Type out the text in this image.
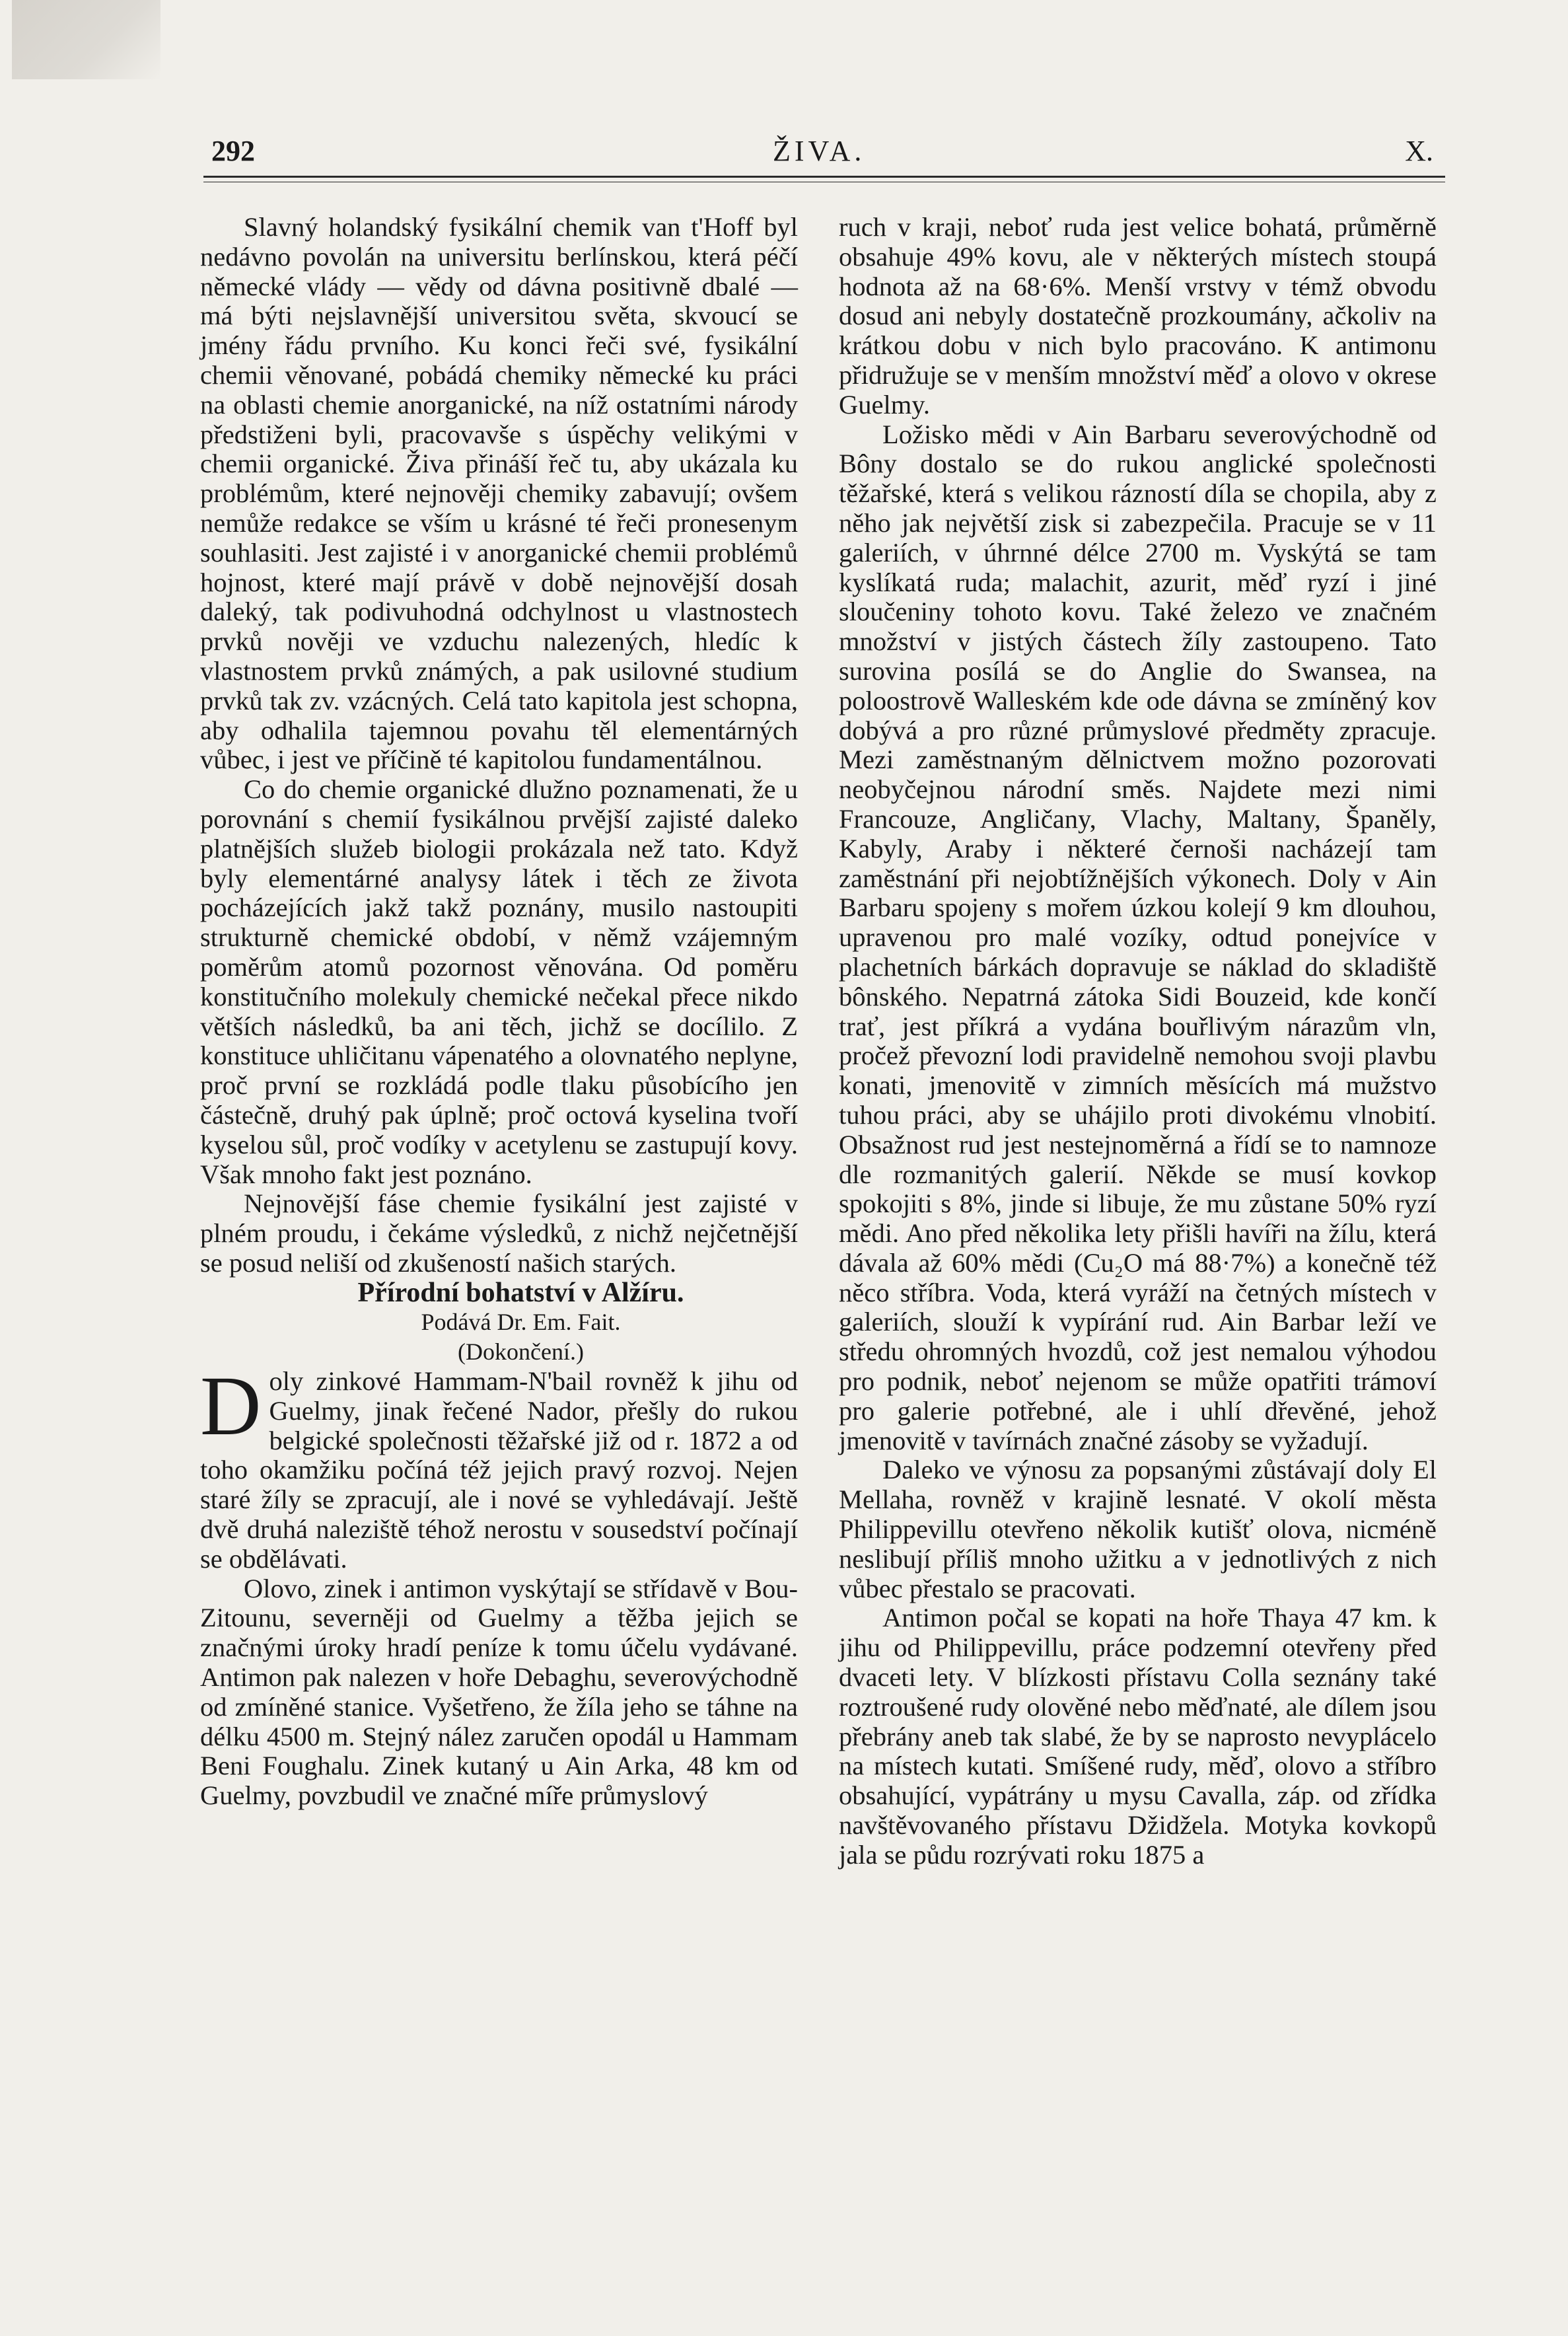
292	ŽIVA.	X.

Slavný holandský fysikální chemik van t'Hoff byl nedávno povolán na universitu berlínskou, která péčí německé vlády — vědy od dávna positivně dbalé — má býti nejslavnější universitou světa, skvoucí se jmény řádu prvního. Ku konci řeči své, fysikální chemii věnované, pobádá chemiky německé ku práci na oblasti chemie anorganické, na níž ostatními národy předstiženi byli, pracovavše s úspěchy velikými v chemii organické. Živa přináší řeč tu, aby ukázala ku problémům, které nejnověji chemiky zabavují; ovšem nemůže redakce se vším u krásné té řeči pronesenym souhlasiti. Jest zajisté i v anorganické chemii problémů hojnost, které mají právě v době nejnovější dosah daleký, tak podivuhodná odchylnost u vlastnostech prvků nověji ve vzduchu nalezených, hledíc k vlastnostem prvků známých, a pak usilovné studium prvků tak zv. vzácných. Celá tato kapitola jest schopna, aby odhalila tajemnou povahu těl elementárných vůbec, i jest ve příčině té kapitolou fundamentálnou.

Co do chemie organické dlužno poznamenati, že u porovnání s chemií fysikálnou prvější zajisté daleko platnějších služeb biologii prokázala než tato. Když byly elementárné analysy látek i těch ze života pocházejících jakž takž poznány, musilo nastoupiti strukturně chemické období, v němž vzájemným poměrům atomů pozornost věnována. Od poměru konstitučního molekuly chemické nečekal přece nikdo větších následků, ba ani těch, jichž se docílilo. Z konstituce uhličitanu vápenatého a olovnatého neplyne, proč první se rozkládá podle tlaku působícího jen částečně, druhý pak úplně; proč octová kyselina tvoří kyselou sůl, proč vodíky v acetylenu se zastupují kovy. Však mnoho fakt jest poznáno.

Nejnovější fáse chemie fysikální jest zajisté v plném proudu, i čekáme výsledků, z nichž nejčetnější se posud neliší od zkušeností našich starých.

Přírodní bohatství v Alžíru.

Podává Dr. Em. Fait.

(Dokončení.)

Doly zinkové Hammam-N'bail rovněž k jihu od Guelmy, jinak řečené Nador, přešly do rukou belgické společnosti těžařské již od r. 1872 a od toho okamžiku počíná též jejich pravý rozvoj. Nejen staré žíly se zpracují, ale i nové se vyhledávají. Ještě dvě druhá naleziště téhož nerostu v sousedství počínají se obdělávati.

Olovo, zinek i antimon vyskýtají se střídavě v Bou-Zitounu, severněji od Guelmy a těžba jejich se značnými úroky hradí peníze k tomu účelu vydávané. Antimon pak nalezen v hoře Debaghu, severovýchodně od zmíněné stanice. Vyšetřeno, že žíla jeho se táhne na délku 4500 m. Stejný nález zaručen opodál u Hammam Beni Foughalu. Zinek kutaný u Ain Arka, 48 km od Guelmy, povzbudil ve značné míře průmyslový

ruch v kraji, neboť ruda jest velice bohatá, průměrně obsahuje 49% kovu, ale v některých místech stoupá hodnota až na 68·6%. Menší vrstvy v témž obvodu dosud ani nebyly dostatečně prozkoumány, ačkoliv na krátkou dobu v nich bylo pracováno. K antimonu přidružuje se v menším množství měď a olovo v okrese Guelmy.

Ložisko mědi v Ain Barbaru severovýchodně od Bôny dostalo se do rukou anglické společnosti těžařské, která s velikou rázností díla se chopila, aby z něho jak největší zisk si zabezpečila. Pracuje se v 11 galeriích, v úhrnné délce 2700 m. Vyskýtá se tam kyslíkatá ruda; malachit, azurit, měď ryzí i jiné sloučeniny tohoto kovu. Také železo ve značném množství v jistých částech žíly zastoupeno. Tato surovina posílá se do Anglie do Swansea, na poloostrově Walleském kde ode dávna se zmíněný kov dobývá a pro různé průmyslové předměty zpracuje. Mezi zaměstnaným dělnictvem možno pozorovati neobyčejnou národní směs. Najdete mezi nimi Francouze, Angličany, Vlachy, Maltany, Španěly, Kabyly, Araby i některé černoši nacházejí tam zaměstnání při nejobtížnějších výkonech. Doly v Ain Barbaru spojeny s mořem úzkou kolejí 9 km dlouhou, upravenou pro malé vozíky, odtud ponejvíce v plachetních bárkách dopravuje se náklad do skladiště bônského. Nepatrná zátoka Sidi Bouzeid, kde končí trať, jest příkrá a vydána bouřlivým nárazům vln, pročež převozní lodi pravidelně nemohou svoji plavbu konati, jmenovitě v zimních měsících má mužstvo tuhou práci, aby se uhájilo proti divokému vlnobití. Obsažnost rud jest nestejnoměrná a řídí se to namnoze dle rozmanitých galerií. Někde se musí kovkop spokojiti s 8%, jinde si libuje, že mu zůstane 50% ryzí mědi. Ano před několika lety přišli havíři na žílu, která dávala až 60% mědi (Cu₂O má 88·7%) a konečně též něco stříbra. Voda, která vyráží na četných místech v galeriích, slouží k vypírání rud. Ain Barbar leží ve středu ohromných hvozdů, což jest nemalou výhodou pro podnik, neboť nejenom se může opatřiti trámoví pro galerie potřebné, ale i uhlí dřevěné, jehož jmenovitě v tavírnách značné zásoby se vyžadují.

Daleko ve výnosu za popsanými zůstávají doly El Mellaha, rovněž v krajině lesnaté. V okolí města Philippevillu otevřeno několik kutišť olova, nicméně neslibují příliš mnoho užitku a v jednotlivých z nich vůbec přestalo se pracovati.

Antimon počal se kopati na hoře Thaya 47 km. k jihu od Philippevillu, práce podzemní otevřeny před dvaceti lety. V blízkosti přístavu Colla seznány také roztroušené rudy olověné nebo měďnaté, ale dílem jsou přebrány aneb tak slabé, že by se naprosto nevyplácelo na místech kutati. Smíšené rudy, měď, olovo a stříbro obsahující, vypátrány u mysu Cavalla, záp. od zřídka navštěvovaného přístavu Džidžela. Motyka kovkopů jala se půdu rozrývati roku 1875 a
